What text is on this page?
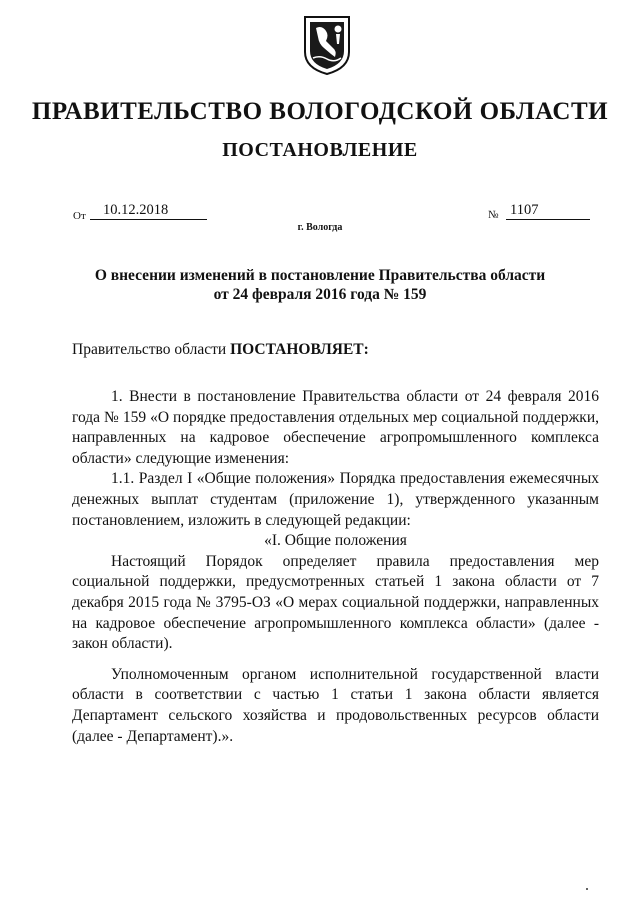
ПРАВИТЕЛЬСТВО ВОЛОГОДСКОЙ ОБЛАСТИ
ПОСТАНОВЛЕНИЕ
От	10.12.2018	№ 1107
г. Вологда
О внесении изменений в постановление Правительства области
от 24 февраля 2016 года № 159
Правительство области ПОСТАНОВЛЯЕТ:

1. Внести в постановление Правительства области от 24 февраля 2016 года № 159 «О порядке предоставления отдельных мер социальной поддержки, направленных на кадровое обеспечение агропромышленного комплекса области» следующие изменения:

1.1. Раздел I «Общие положения» Порядка предоставления ежемесячных денежных выплат студентам (приложение 1), утвержденного указанным постановлением, изложить в следующей редакции:

«I. Общие положения

Настоящий Порядок определяет правила предоставления мер социальной поддержки, предусмотренных статьей 1 закона области от 7 декабря 2015 года № 3795-ОЗ «О мерах социальной поддержки, направленных на кадровое обеспечение агропромышленного комплекса области» (далее - закон области).

Уполномоченным органом исполнительной государственной власти области в соответствии с частью 1 статьи 1 закона области является Департамент сельского хозяйства и продовольственных ресурсов области (далее - Департамент).».
